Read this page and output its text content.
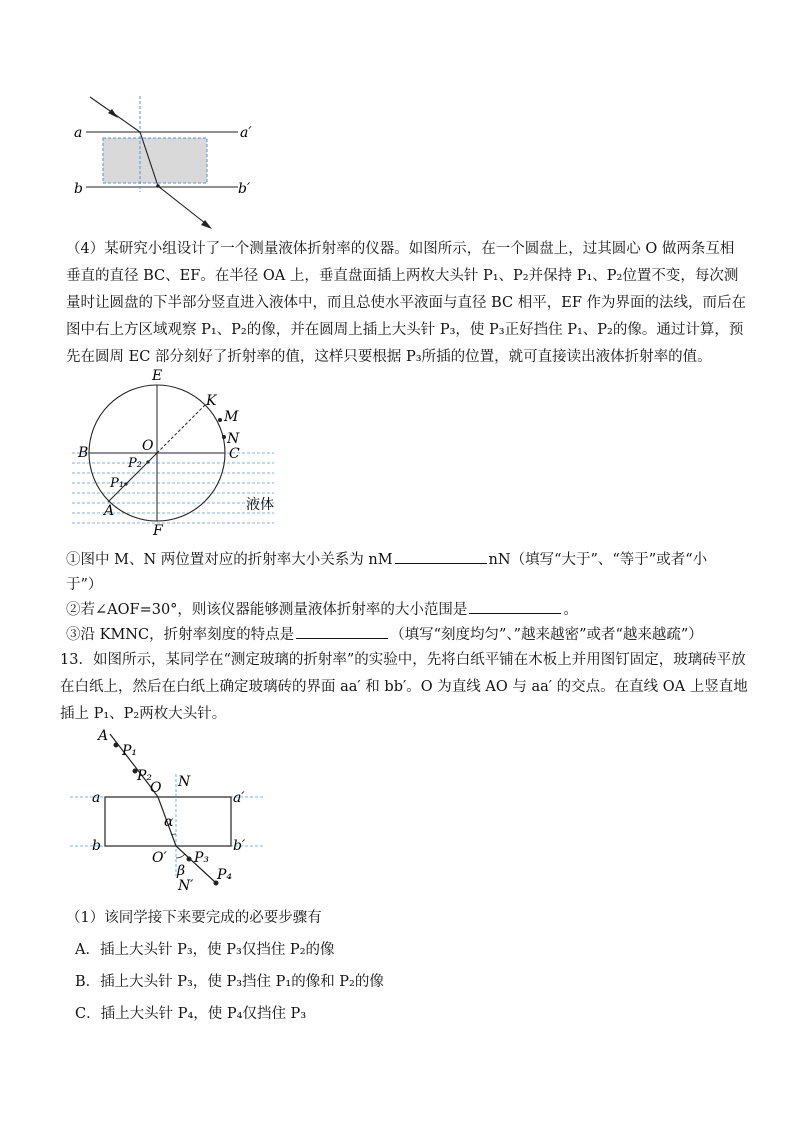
a	a′
b	b′
（4）某研究小组设计了一个测量液体折射率的仪器。如图所示，在一个圆盘上，过其圆心 O 做两条互相垂直的直径 BC、EF。在半径 OA 上，垂直盘面插上两枚大头针 P₁、P₂并保持 P₁、P₂位置不变，每次测量时让圆盘的下半部分竖直进入液体中，而且总使水平液面与直径 BC 相平，EF 作为界面的法线，而后在图中右上方区域观察 P₁、P₂的像，并在圆周上插上大头针 P₃，使 P₃正好挡住 P₁、P₂的像。通过计算，预先在圆周 EC 部分刻好了折射率的值，这样只要根据 P₃所插的位置，就可直接读出液体折射率的值。
E
K
M
N
B	O	C
P₂
P₁
A
F
液体
①图中 M、N 两位置对应的折射率大小关系为 nM	nN（填写“大于”、“等于”或者“小
于”）
②若∠AOF=30°，则该仪器能够测量液体折射率的大小范围是	。
③沿 KMNC，折射率刻度的特点是	（填写“刻度均匀”、”越来越密”或者“越来越疏”）
13．如图所示，某同学在“测定玻璃的折射率”的实验中，先将白纸平铺在木板上并用图钉固定，玻璃砖平放在白纸上，然后在白纸上确定玻璃砖的界面 aa′ 和 bb′。O 为直线 AO 与 aa′ 的交点。在直线 OA 上竖直地插上 P₁、P₂两枚大头针。
A
P₁
P₂ N
O
a	a′
α
b	b′
O′ P₃
β
N′
P₄
（1）该同学接下来要完成的必要步骤有
A．插上大头针 P₃，使 P₃仅挡住 P₂的像
B．插上大头针 P₃，使 P₃挡住 P₁的像和 P₂的像
C．插上大头针 P₄，使 P₄仅挡住 P₃
